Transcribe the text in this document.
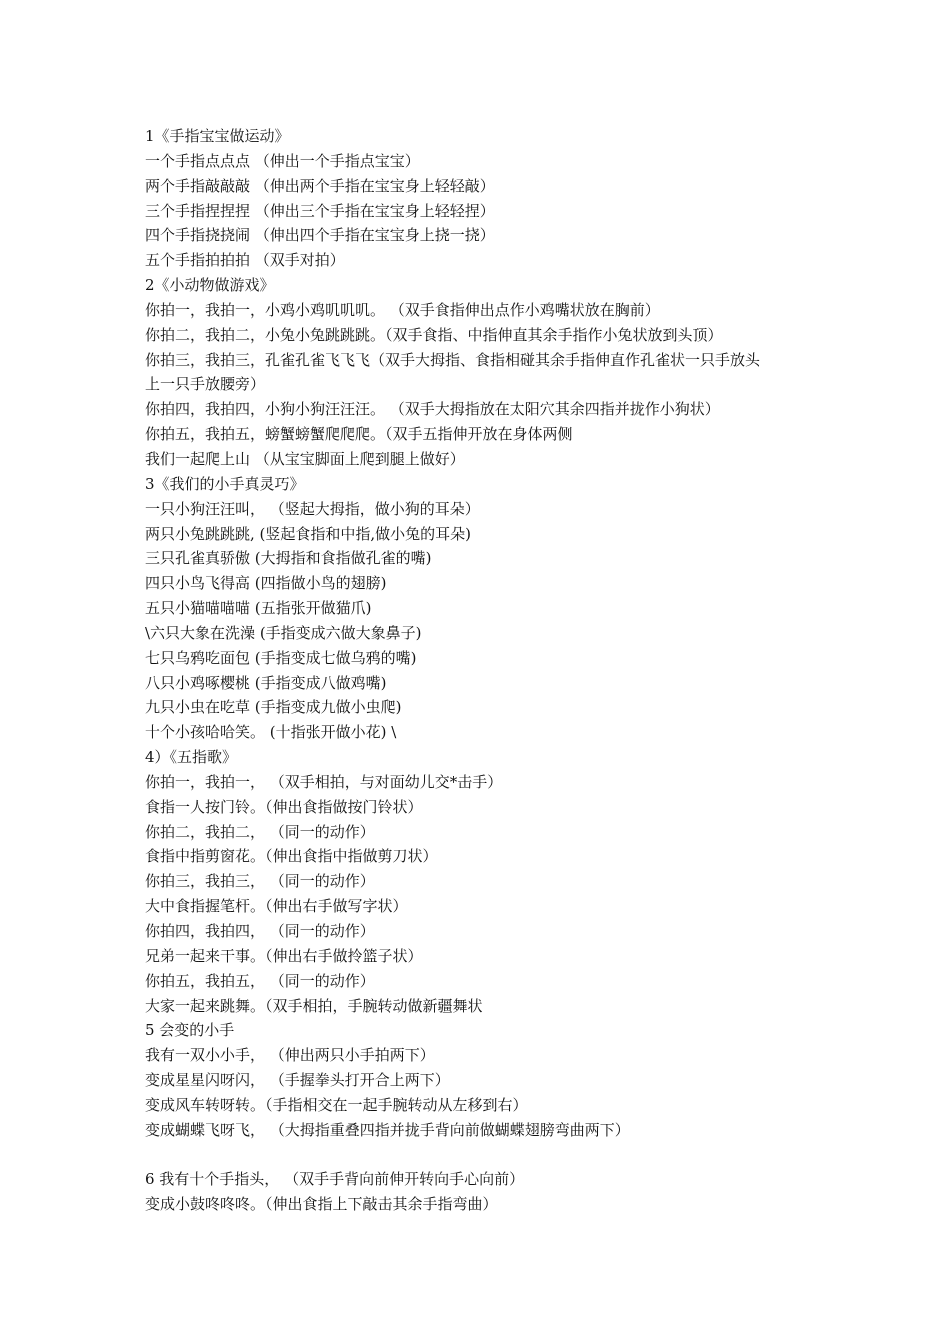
1《手指宝宝做运动》
一个手指点点点 （伸出一个手指点宝宝）
两个手指敲敲敲 （伸出两个手指在宝宝身上轻轻敲）
三个手指捏捏捏 （伸出三个手指在宝宝身上轻轻捏）
四个手指挠挠闹 （伸出四个手指在宝宝身上挠一挠）
五个手指拍拍拍 （双手对拍）
2《小动物做游戏》
你拍一，我拍一，小鸡小鸡叽叽叽。 （双手食指伸出点作小鸡嘴状放在胸前）
你拍二，我拍二，小兔小兔跳跳跳。（双手食指、中指伸直其余手指作小兔状放到头顶）
你拍三，我拍三，孔雀孔雀飞飞飞（双手大拇指、食指相碰其余手指伸直作孔雀状一只手放头
上一只手放腰旁）
你拍四，我拍四，小狗小狗汪汪汪。 （双手大拇指放在太阳穴其余四指并拢作小狗状）
你拍五，我拍五，螃蟹螃蟹爬爬爬。（双手五指伸开放在身体两侧
我们一起爬上山 （从宝宝脚面上爬到腿上做好）
3《我们的小手真灵巧》
一只小狗汪汪叫， （竖起大拇指，做小狗的耳朵）
两只小兔跳跳跳, (竖起食指和中指,做小兔的耳朵)
三只孔雀真骄傲 (大拇指和食指做孔雀的嘴)
四只小鸟飞得高 (四指做小鸟的翅膀)
五只小猫喵喵喵 (五指张开做猫爪)
\六只大象在洗澡 (手指变成六做大象鼻子)
七只乌鸦吃面包 (手指变成七做乌鸦的嘴)
八只小鸡啄樱桃 (手指变成八做鸡嘴)
九只小虫在吃草 (手指变成九做小虫爬)
十个小孩哈哈笑。 (十指张开做小花) \
4）《五指歌》
你拍一，我拍一， （双手相拍，与对面幼儿交*击手）
食指一人按门铃。（伸出食指做按门铃状）
你拍二，我拍二， （同一的动作）
食指中指剪窗花。（伸出食指中指做剪刀状）
你拍三，我拍三， （同一的动作）
大中食指握笔杆。（伸出右手做写字状）
你拍四，我拍四， （同一的动作）
兄弟一起来干事。（伸出右手做拎篮子状）
你拍五，我拍五， （同一的动作）
大家一起来跳舞。（双手相拍，手腕转动做新疆舞状
5 会变的小手
我有一双小小手， （伸出两只小手拍两下）
变成星星闪呀闪， （手握拳头打开合上两下）
变成风车转呀转。（手指相交在一起手腕转动从左移到右）
变成蝴蝶飞呀飞， （大拇指重叠四指并拢手背向前做蝴蝶翅膀弯曲两下）
6 我有十个手指头， （双手手背向前伸开转向手心向前）
变成小鼓咚咚咚。（伸出食指上下敲击其余手指弯曲）
